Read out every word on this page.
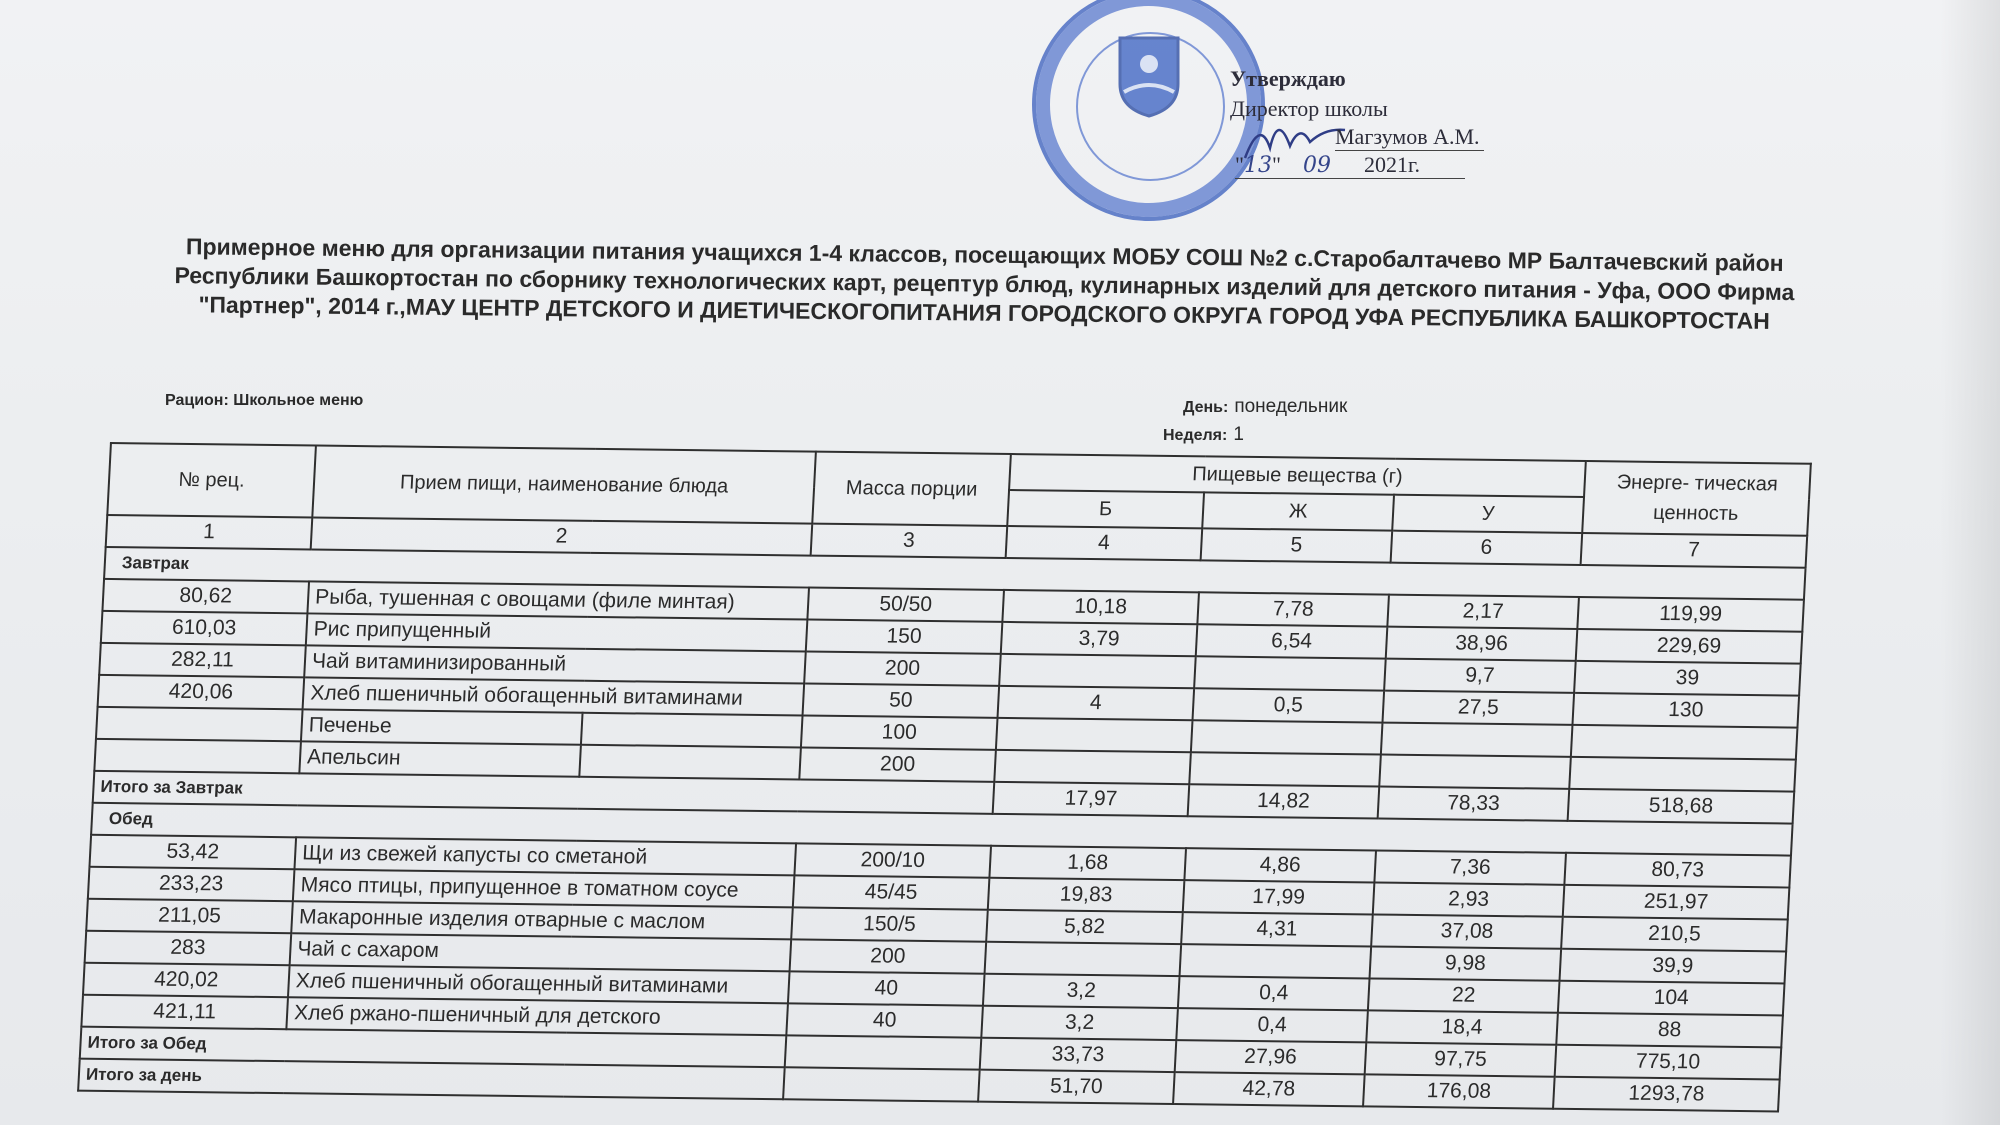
Утверждаю
Директор школы
Магзумов А.М.
"13" 09 2021г.
Примерное меню для организации питания учащихся 1-4 классов, посещающих МОБУ СОШ №2 с.Старобалтачево МР Балтачевский район Республики Башкортостан по сборнику технологических карт, рецептур блюд, кулинарных изделий для детского питания - Уфа, ООО Фирма "Партнер", 2014 г.,МАУ ЦЕНТР ДЕТСКОГО И ДИЕТИЧЕСКОГОПИТАНИЯ ГОРОДСКОГО ОКРУГА ГОРОД УФА РЕСПУБЛИКА БАШКОРТОСТАН
Рацион: Школьное меню	День: понедельник
Неделя: 1
№ рец.	Прием пищи, наименование блюда		Масса порции	Пищевые вещества (г)			Энерге- тическая ценность
				Б	Ж	У	
1	2		3	4	5	6	7
Завтрак							
80,62	Рыба, тушенная с овощами (филе минтая)		50/50	10,18	7,78	2,17	119,99
610,03	Рис припущенный		150	3,79	6,54	38,96	229,69
282,11	Чай витаминизированный		200			9,7	39
420,06	Хлеб пшеничный обогащенный витаминами		50	4	0,5	27,5	130
	Печенье		100				
	Апельсин		200				
Итого за Завтрак				17,97	14,82	78,33	518,68
Обед							
53,42	Щи из свежей капусты со сметаной		200/10	1,68	4,86	7,36	80,73
233,23	Мясо птицы, припущенное в томатном соусе		45/45	19,83	17,99	2,93	251,97
211,05	Макаронные изделия отварные с маслом		150/5	5,82	4,31	37,08	210,5
283	Чай с сахаром		200			9,98	39,9
420,02	Хлеб пшеничный обогащенный витаминами		40	3,2	0,4	22	104
421,11	Хлеб ржано-пшеничный для детского		40	3,2	0,4	18,4	88
Итого за Обед				33,73	27,96	97,75	775,10
Итого за день				51,70	42,78	176,08	1293,78
